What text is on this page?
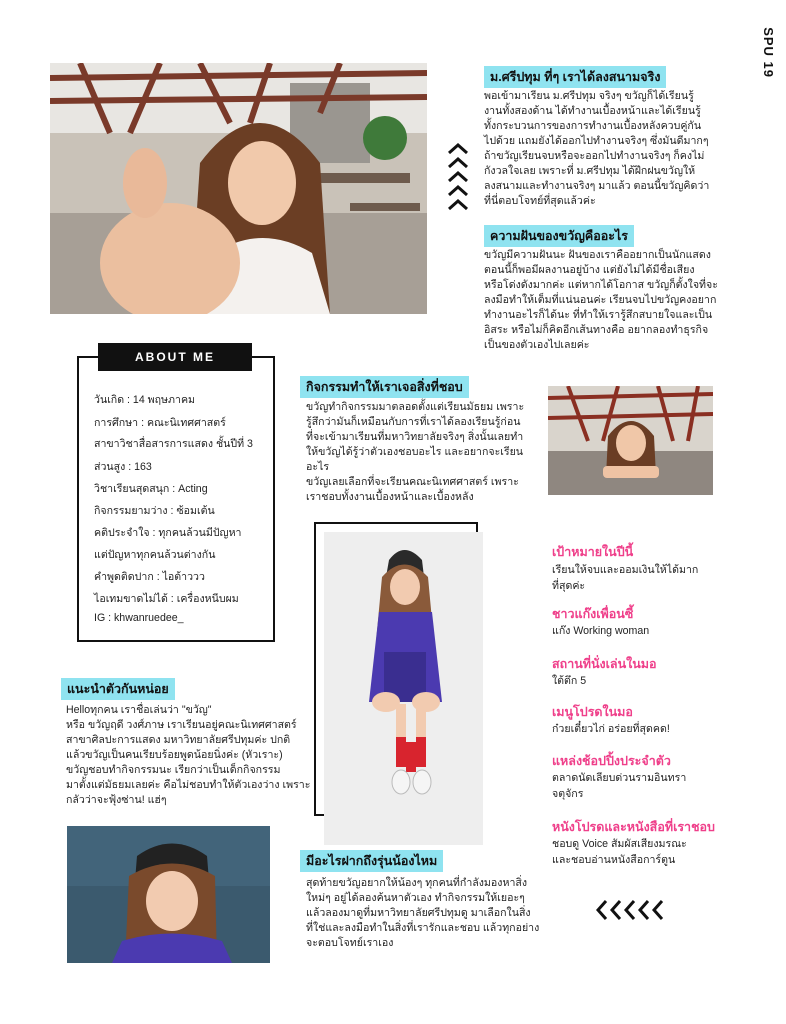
SPU 19
ม.ศรีปทุม ที่ๆ เราได้ลงสนามจริง
พอเข้ามาเรียน ม.ศรีปทุม จริงๆ ขวัญก็ได้เรียนรู้
งานทั้งสองด้าน ได้ทำงานเบื้องหน้าและได้เรียนรู้
ทั้งกระบวนการของการทำงานเบื้องหลังควบคู่กัน
ไปด้วย แถมยังได้ออกไปทำงานจริงๆ ซึ่งมันดีมากๆ
ถ้าขวัญเรียนจบหรือจะออกไปทำงานจริงๆ ก็คงไม่
กังวลใจเลย เพราะที่ ม.ศรีปทุม ได้ฝึกฝนขวัญให้
ลงสนามและทำงานจริงๆ มาแล้ว ตอนนี้ขวัญคิดว่า
ที่นี่ตอบโจทย์ที่สุดแล้วค่ะ
ความฝันของขวัญคืออะไร
ขวัญมีความฝันนะ ฝันของเราคืออยากเป็นนักแสดง
ตอนนี้ก็พอมีผลงานอยู่บ้าง แต่ยังไม่ได้มีชื่อเสียง
หรือโด่งดังมากค่ะ แต่หากได้โอกาส ขวัญก็ตั้งใจที่จะ
ลงมือทำให้เต็มที่แน่นอนค่ะ เรียนจบไปขวัญคงอยาก
ทำงานอะไรก็ได้นะ ที่ทำให้เรารู้สึกสบายใจและเป็น
อิสระ หรือไม่ก็คิดอีกเส้นทางคือ อยากลองทำธุรกิจ
เป็นของตัวเองไปเลยค่ะ
ABOUT ME
วันเกิด : 14 พฤษภาคม
การศึกษา : คณะนิเทศศาสตร์
สาขาวิชาสื่อสารการแสดง ชั้นปีที่ 3
ส่วนสูง : 163
วิชาเรียนสุดสนุก : Acting
กิจกรรมยามว่าง : ซ้อมเต้น
คติประจำใจ : ทุกคนล้วนมีปัญหา
แต่ปัญหาทุกคนล้วนต่างกัน
คำพูดติดปาก : ไอต้าววว
ไอเทมขาดไม่ได้ : เครื่องหนีบผม
IG : khwanruedee_
กิจกรรมทำให้เราเจอสิ่งที่ชอบ
ขวัญทำกิจกรรมมาตลอดตั้งแต่เรียนมัธยม เพราะ
รู้สึกว่ามันก็เหมือนกับการที่เราได้ลองเรียนรู้ก่อน
ที่จะเข้ามาเรียนที่มหาวิทยาลัยจริงๆ สิ่งนั้นเลยทำ
ให้ขวัญได้รู้ว่าตัวเองชอบอะไร และอยากจะเรียนอะไร
ขวัญเลยเลือกที่จะเรียนคณะนิเทศศาสตร์ เพราะ
เราชอบทั้งงานเบื้องหน้าและเบื้องหลัง
เป้าหมายในปีนี้
เรียนให้จบและออมเงินให้ได้มาก
ที่สุดค่ะ
ชาวแก๊งเพื่อนซี้
แก๊ง Working woman
สถานที่นั่งเล่นในมอ
ใต้ตึก 5
เมนูโปรดในมอ
ก๋วยเตี๋ยวไก่ อร่อยที่สุดคด!
แหล่งช้อปปิ้งประจำตัว
ตลาดนัดเลียบด่วนรามอินทรา
จตุจักร
หนังโปรดและหนังสือที่เราชอบ
ชอบดู Voice สัมผัสเสียงมรณะ
และชอบอ่านหนังสือการ์ตูน
แนะนำตัวกันหน่อย
Helloทุกคน เราชื่อเล่นว่า "ขวัญ"
หรือ ขวัญฤดี วงศ์ภาษ เราเรียนอยู่คณะนิเทศศาสตร์
สาขาศิลปะการแสดง มหาวิทยาลัยศรีปทุมค่ะ ปกติ
แล้วขวัญเป็นคนเรียบร้อยพูดน้อยนิ่งค่ะ (หัวเราะ)
ขวัญชอบทำกิจกรรมนะ เรียกว่าเป็นเด็กกิจกรรม
มาตั้งแต่มัธยมเลยค่ะ คือไม่ชอบทำให้ตัวเองว่าง เพราะ
กลัวว่าจะฟุ้งซ่าน! แฮ่ๆ
มีอะไรฝากถึงรุ่นน้องไหม
สุดท้ายขวัญอยากให้น้องๆ ทุกคนที่กำลังมองหาสิ่ง
ใหม่ๆ อยู่ได้ลองค้นหาตัวเอง ทำกิจกรรมให้เยอะๆ
แล้วลองมาดูที่มหาวิทยาลัยศรีปทุมดู มาเลือกในสิ่ง
ที่ใช่และลงมือทำในสิ่งที่เรารักและชอบ แล้วทุกอย่าง
จะตอบโจทย์เราเอง
